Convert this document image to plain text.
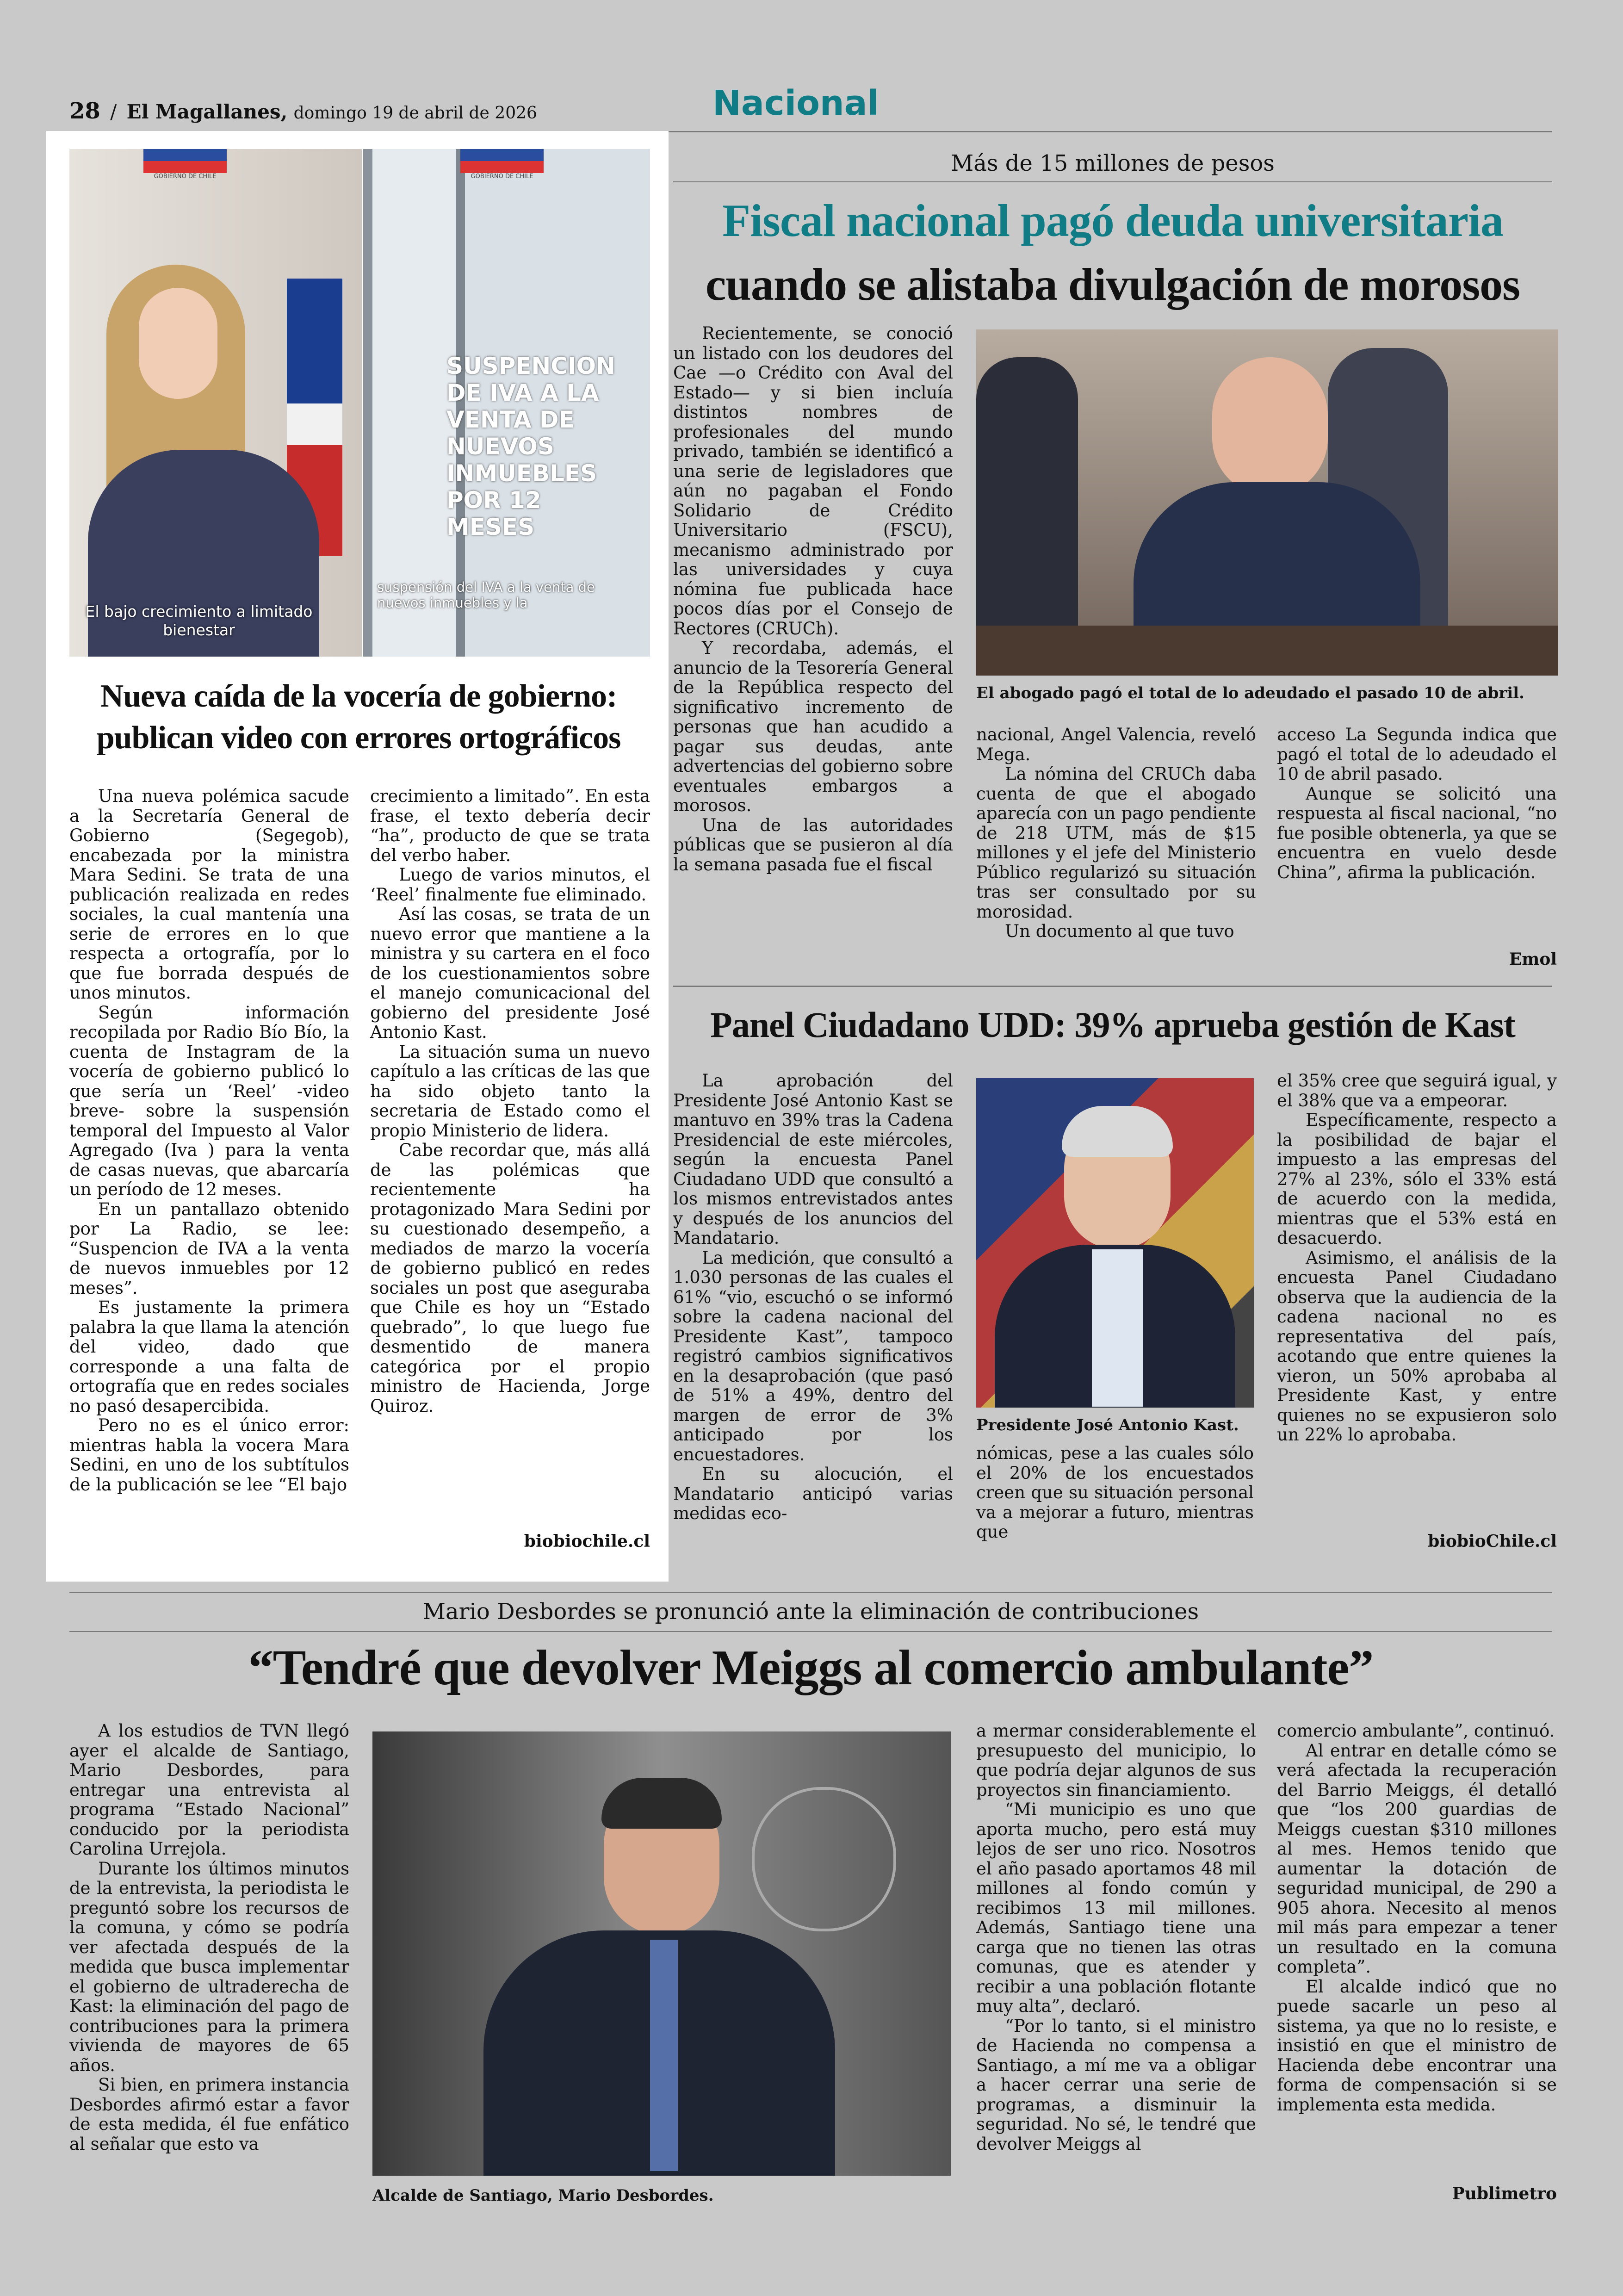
28 / El Magallanes, domingo 19 de abril de 2026	Nacional
GOBIERNO DE CHILE
El bajo crecimiento a limitado bienestar
GOBIERNO DE CHILE
SUSPENCION DE IVA A LA VENTA DE NUEVOS INMUEBLES POR 12 MESES
suspensión del IVA a la venta de nuevos inmuebles y la
Nueva caída de la vocería de gobierno:
publican video con errores ortográficos

Una nueva polémica sacude a la Secretaría General de Gobierno (Segegob), encabezada por la ministra Mara Sedini. Se trata de una publicación realizada en redes sociales, la cual mantenía una serie de errores en lo que respecta a ortografía, por lo que fue borrada después de unos minutos.

Según información recopilada por Radio Bío Bío, la cuenta de Instagram de la vocería de gobierno publicó lo que sería un ‘Reel’ -video breve- sobre la suspensión temporal del Impuesto al Valor Agregado (Iva ) para la venta de casas nuevas, que abarcaría un período de 12 meses.

En un pantallazo obtenido por La Radio, se lee: “Suspencion de IVA a la venta de nuevos inmuebles por 12 meses”.

Es justamente la primera palabra la que llama la atención del video, dado que corresponde a una falta de ortografía que en redes sociales no pasó desapercibida.

Pero no es el único error: mientras habla la vocera Mara Sedini, en uno de los subtítulos de la publicación se lee “El bajo

crecimiento a limitado”. En esta frase, el texto debería decir “ha”, producto de que se trata del verbo haber.

Luego de varios minutos, el ‘Reel’ finalmente fue eliminado.

Así las cosas, se trata de un nuevo error que mantiene a la ministra y su cartera en el foco de los cuestionamientos sobre el manejo comunicacional del gobierno del presidente José Antonio Kast.

La situación suma un nuevo capítulo a las críticas de las que ha sido objeto tanto la secretaria de Estado como el propio Ministerio de lidera.

Cabe recordar que, más allá de las polémicas que recientemente ha protagonizado Mara Sedini por su cuestionado desempeño, a mediados de marzo la vocería de gobierno publicó en redes sociales un post que aseguraba que Chile es hoy un “Estado quebrado”, lo que luego fue desmentido de manera categórica por el propio ministro de Hacienda, Jorge Quiroz.

biobiochile.cl
Más de 15 millones de pesos
Fiscal nacional pagó deuda universitaria
cuando se alistaba divulgación de morosos

Recientemente, se conoció un listado con los deudores del Cae —o Crédito con Aval del Estado— y si bien incluía distintos nombres de profesionales del mundo privado, también se identificó a una serie de legisladores que aún no pagaban el Fondo Solidario de Crédito Universitario (FSCU), mecanismo administrado por las universidades y cuya nómina fue publicada hace pocos días por el Consejo de Rectores (CRUCh).

Y recordaba, además, el anuncio de la Tesorería General de la República respecto del significativo incremento de personas que han acudido a pagar sus deudas, ante advertencias del gobierno sobre eventuales embargos a morosos.

Una de las autoridades públicas que se pusieron al día la semana pasada fue el fiscal

El abogado pagó el total de lo adeudado el pasado 10 de abril.

nacional, Angel Valencia, reveló Mega.

La nómina del CRUCh daba cuenta de que el abogado aparecía con un pago pendiente de 218 UTM, más de $15 millones y el jefe del Ministerio Público regularizó su situación tras ser consultado por su morosidad.

Un documento al que tuvo

acceso La Segunda indica que pagó el total de lo adeudado el 10 de abril pasado.

Aunque se solicitó una respuesta al fiscal nacional, “no fue posible obtenerla, ya que se encuentra en vuelo desde China”, afirma la publicación.

Emol
Panel Ciudadano UDD: 39% aprueba gestión de Kast

La aprobación del Presidente José Antonio Kast se mantuvo en 39% tras la Cadena Presidencial de este miércoles, según la encuesta Panel Ciudadano UDD que consultó a los mismos entrevistados antes y después de los anuncios del Mandatario.

La medición, que consultó a 1.030 personas de las cuales el 61% “vio, escuchó o se informó sobre la cadena nacional del Presidente Kast”, tampoco registró cambios significativos en la desaprobación (que pasó de 51% a 49%, dentro del margen de error de 3% anticipado por los encuestadores.

En su alocución, el Mandatario anticipó varias medidas eco-

Presidente José Antonio Kast.

nómicas, pese a las cuales sólo el 20% de los encuestados creen que su situación personal va a mejorar a futuro, mientras que

el 35% cree que seguirá igual, y el 38% que va a empeorar.

Específicamente, respecto a la posibilidad de bajar el impuesto a las empresas del 27% al 23%, sólo el 33% está de acuerdo con la medida, mientras que el 53% está en desacuerdo.

Asimismo, el análisis de la encuesta Panel Ciudadano observa que la audiencia de la cadena nacional no es representativa del país, acotando que entre quienes la vieron, un 50% aprobaba al Presidente Kast, y entre quienes no se expusieron solo un 22% lo aprobaba.

biobioChile.cl
Mario Desbordes se pronunció ante la eliminación de contribuciones
“Tendré que devolver Meiggs al comercio ambulante”

A los estudios de TVN llegó ayer el alcalde de Santiago, Mario Desbordes, para entregar una entrevista al programa “Estado Nacional” conducido por la periodista Carolina Urrejola.

Durante los últimos minutos de la entrevista, la periodista le preguntó sobre los recursos de la comuna, y cómo se podría ver afectada después de la medida que busca implementar el gobierno de ultraderecha de Kast: la eliminación del pago de contribuciones para la primera vivienda de mayores de 65 años.

Si bien, en primera instancia Desbordes afirmó estar a favor de esta medida, él fue enfático al señalar que esto va

Alcalde de Santiago, Mario Desbordes.

a mermar considerablemente el presupuesto del municipio, lo que podría dejar algunos de sus proyectos sin financiamiento.

“Mi municipio es uno que aporta mucho, pero está muy lejos de ser uno rico. Nosotros el año pasado aportamos 48 mil millones al fondo común y recibimos 13 mil millones. Además, Santiago tiene una carga que no tienen las otras comunas, que es atender y recibir a una población flotante muy alta”, declaró.

“Por lo tanto, si el ministro de Hacienda no compensa a Santiago, a mí me va a obligar a hacer cerrar una serie de programas, a disminuir la seguridad. No sé, le tendré que devolver Meiggs al

comercio ambulante”, continuó.

Al entrar en detalle cómo se verá afectada la recuperación del Barrio Meiggs, él detalló que “los 200 guardias de Meiggs cuestan $310 millones al mes. Hemos tenido que aumentar la dotación de seguridad municipal, de 290 a 905 ahora. Necesito al menos mil más para empezar a tener un resultado en la comuna completa”.

El alcalde indicó que no puede sacarle un peso al sistema, ya que no lo resiste, e insistió en que el ministro de Hacienda debe encontrar una forma de compensación si se implementa esta medida.

Publimetro
